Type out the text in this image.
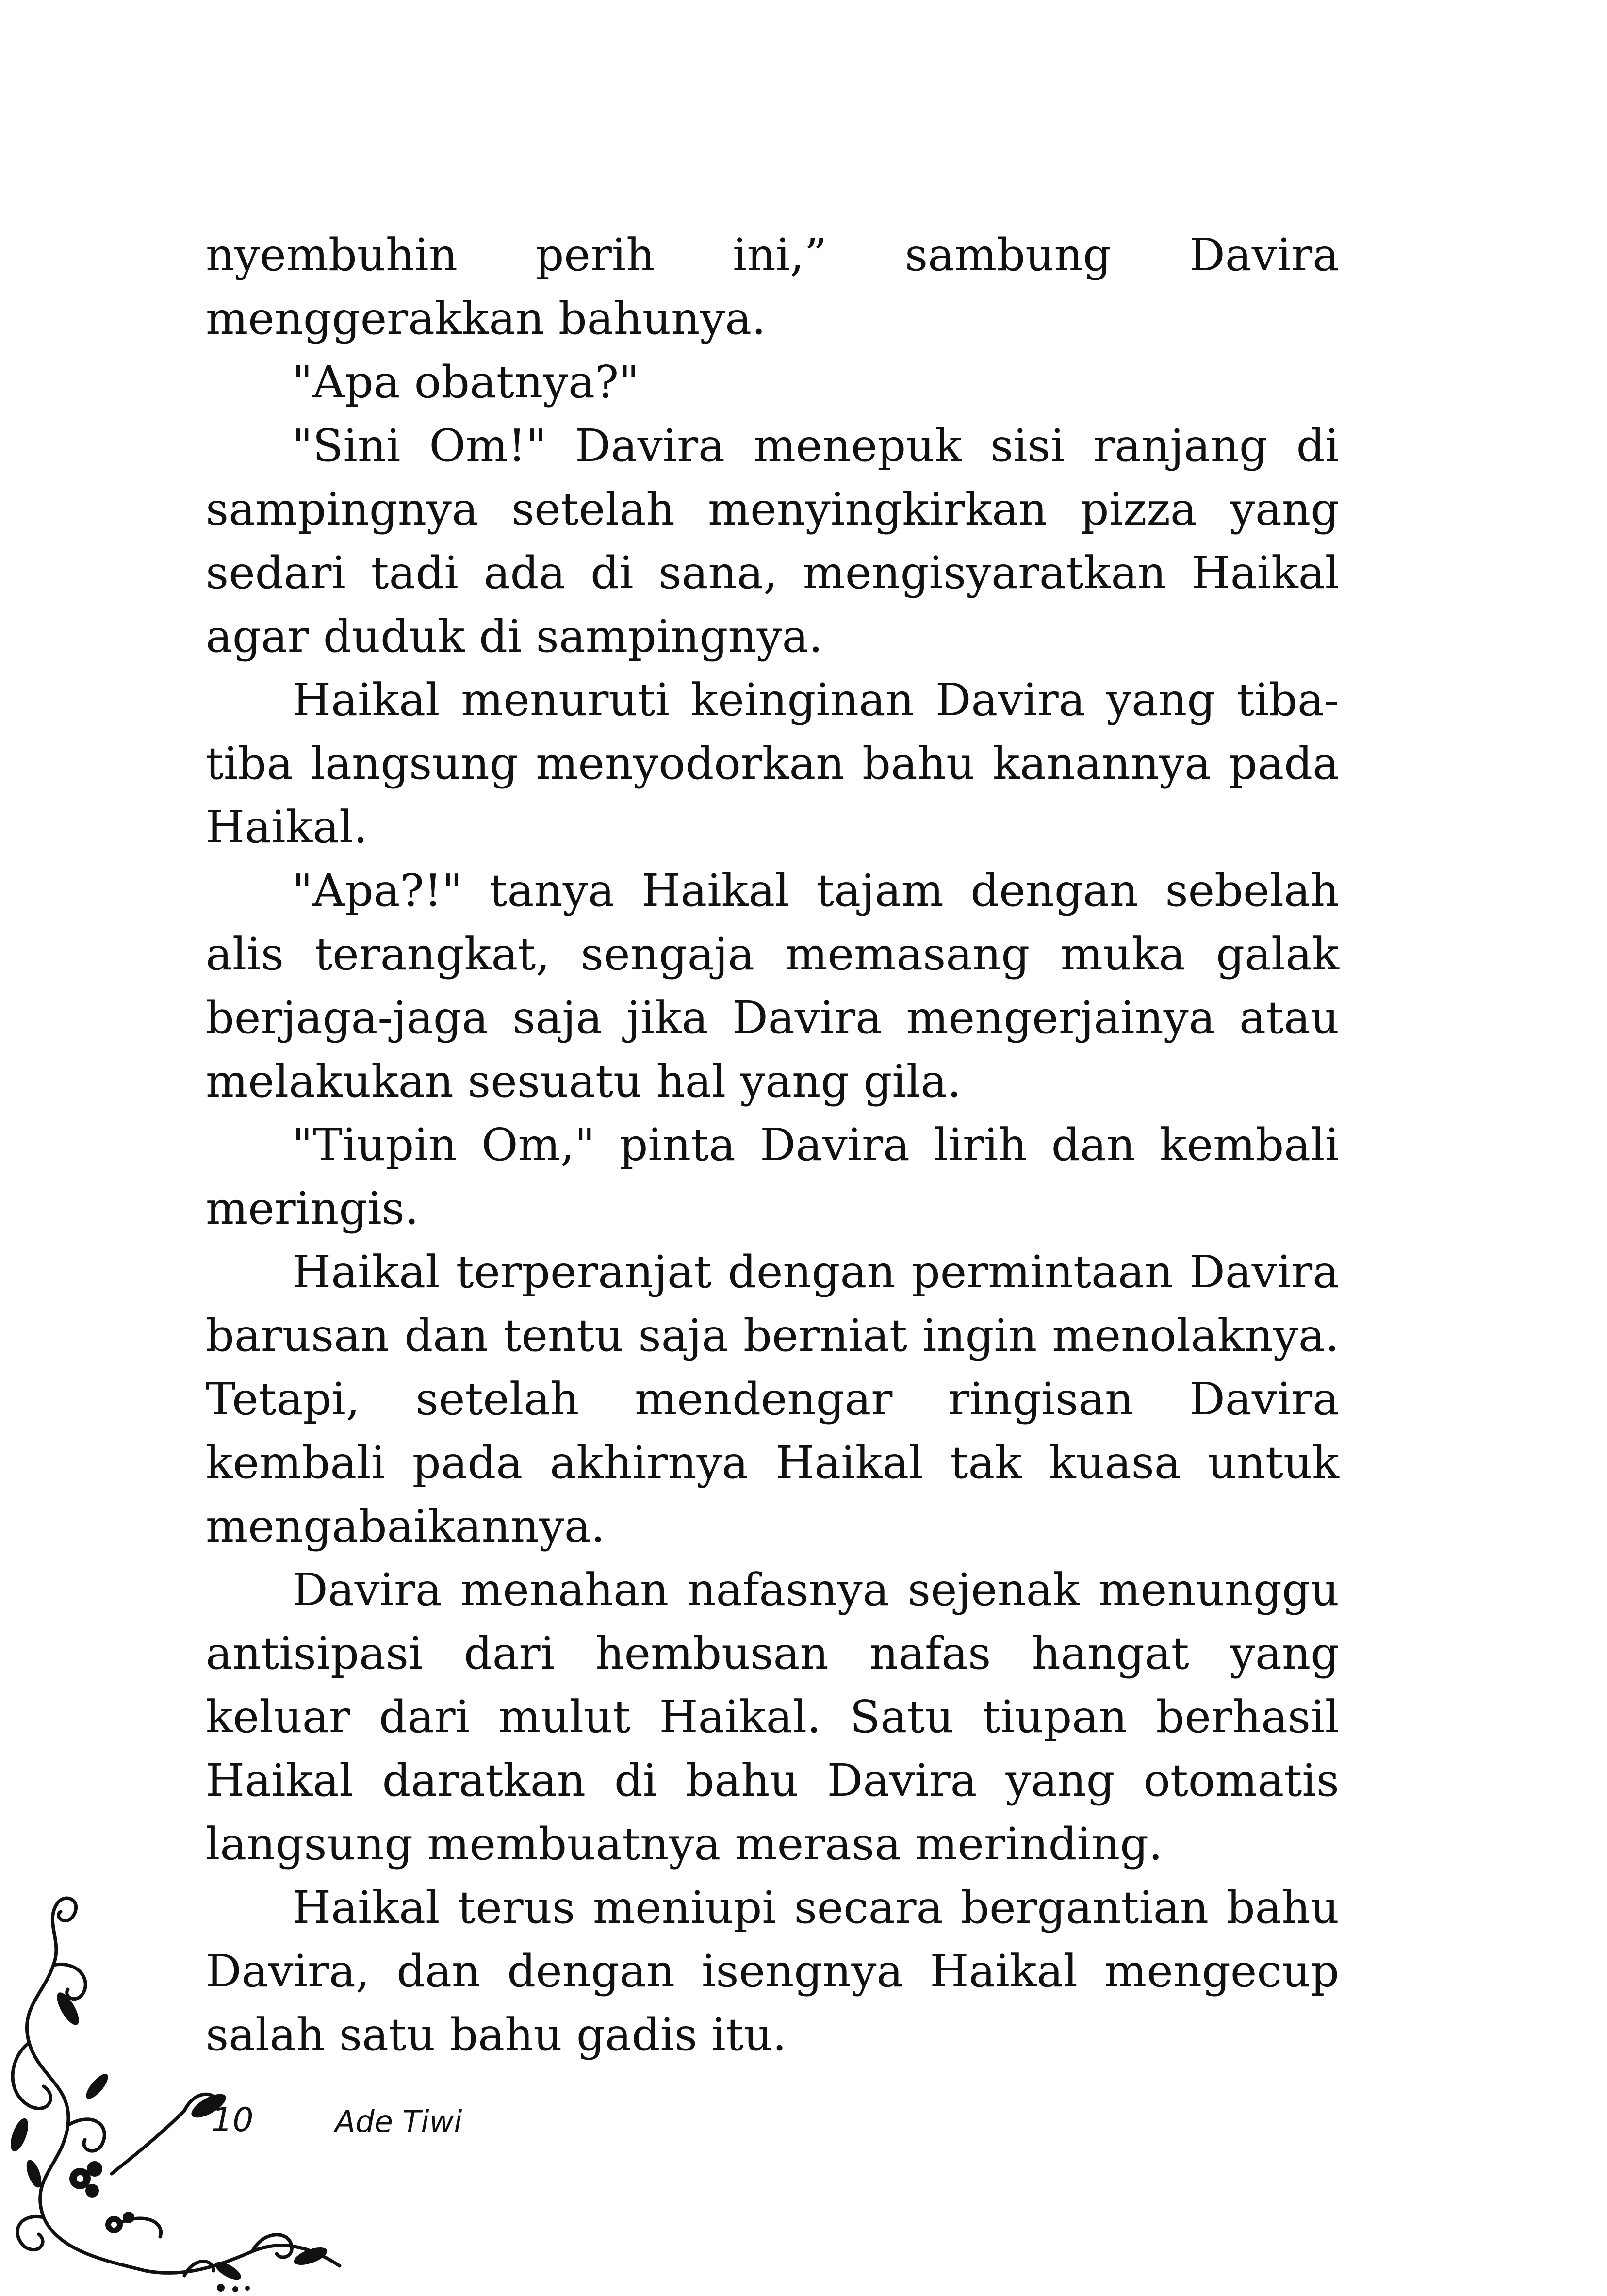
nyembuhin perih ini,” sambung Davira menggerakkan bahunya.

"Apa obatnya?"

"Sini Om!" Davira menepuk sisi ranjang di sampingnya setelah menyingkirkan pizza yang sedari tadi ada di sana, mengisyaratkan Haikal agar duduk di sampingnya.

Haikal menuruti keinginan Davira yang tiba-tiba langsung menyodorkan bahu kanannya pada Haikal.

"Apa?!" tanya Haikal tajam dengan sebelah alis terangkat, sengaja memasang muka galak berjaga-jaga saja jika Davira mengerjainya atau melakukan sesuatu hal yang gila.

"Tiupin Om," pinta Davira lirih dan kembali meringis.

Haikal terperanjat dengan permintaan Davira barusan dan tentu saja berniat ingin menolaknya. Tetapi, setelah mendengar ringisan Davira kembali pada akhirnya Haikal tak kuasa untuk mengabaikannya.

Davira menahan nafasnya sejenak menunggu antisipasi dari hembusan nafas hangat yang keluar dari mulut Haikal. Satu tiupan berhasil Haikal daratkan di bahu Davira yang otomatis langsung membuatnya merasa merinding.

Haikal terus meniupi secara bergantian bahu Davira, dan dengan isengnya Haikal mengecup salah satu bahu gadis itu.

10	Ade Tiwi
